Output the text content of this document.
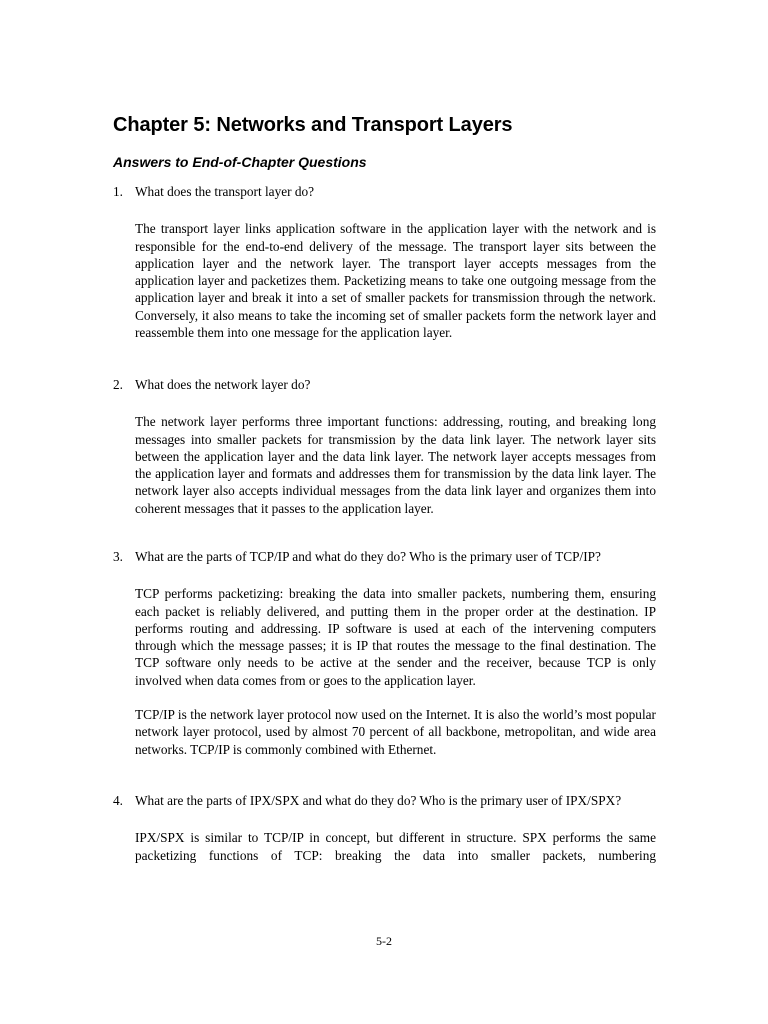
Chapter 5: Networks and Transport Layers
Answers to End-of-Chapter Questions
1. What does the transport layer do?

The transport layer links application software in the application layer with the network and is responsible for the end-to-end delivery of the message. The transport layer sits between the application layer and the network layer. The transport layer accepts messages from the application layer and packetizes them. Packetizing means to take one outgoing message from the application layer and break it into a set of smaller packets for transmission through the network. Conversely, it also means to take the incoming set of smaller packets form the network layer and reassemble them into one message for the application layer.

2. What does the network layer do?

The network layer performs three important functions: addressing, routing, and breaking long messages into smaller packets for transmission by the data link layer. The network layer sits between the application layer and the data link layer. The network layer accepts messages from the application layer and formats and addresses them for transmission by the data link layer. The network layer also accepts individual messages from the data link layer and organizes them into coherent messages that it passes to the application layer.

3. What are the parts of TCP/IP and what do they do? Who is the primary user of TCP/IP?

TCP performs packetizing: breaking the data into smaller packets, numbering them, ensuring each packet is reliably delivered, and putting them in the proper order at the destination. IP performs routing and addressing. IP software is used at each of the intervening computers through which the message passes; it is IP that routes the message to the final destination. The TCP software only needs to be active at the sender and the receiver, because TCP is only involved when data comes from or goes to the application layer.

TCP/IP is the network layer protocol now used on the Internet. It is also the world’s most popular network layer protocol, used by almost 70 percent of all backbone, metropolitan, and wide area networks. TCP/IP is commonly combined with Ethernet.

4. What are the parts of IPX/SPX and what do they do? Who is the primary user of IPX/SPX?

IPX/SPX is similar to TCP/IP in concept, but different in structure. SPX performs the same packetizing functions of TCP: breaking the data into smaller packets, numbering

5-2
